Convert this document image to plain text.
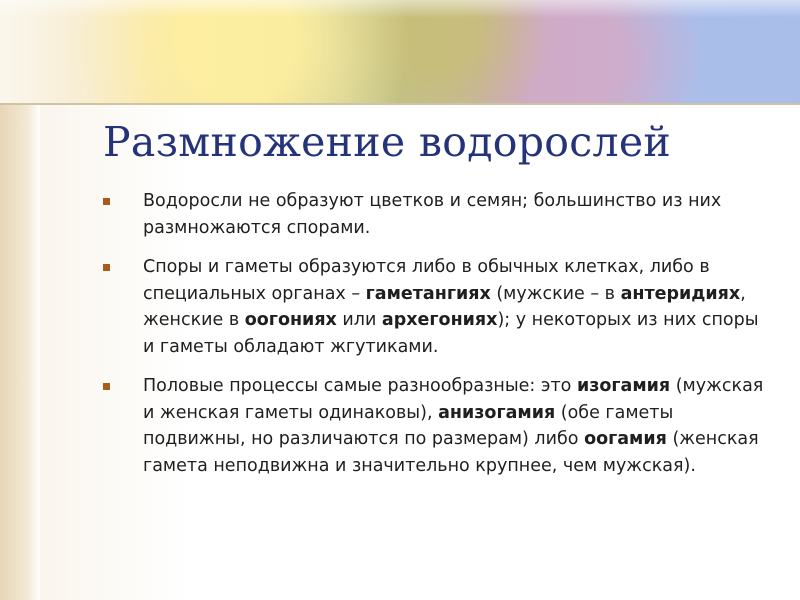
Размножение водорослей
Водоросли не образуют цветков и семян; большинство из них размножаются спорами.
Споры и гаметы образуются либо в обычных клетках, либо в специальных органах – гаметангиях (мужские – в антеридиях, женские в оогониях или архегониях); у некоторых из них споры и гаметы обладают жгутиками.
Половые процессы самые разнообразные: это изогамия (мужская и женская гаметы одинаковы), анизогамия (обе гаметы подвижны, но различаются по размерам) либо оогамия (женская гамета неподвижна и значительно крупнее, чем мужская).
